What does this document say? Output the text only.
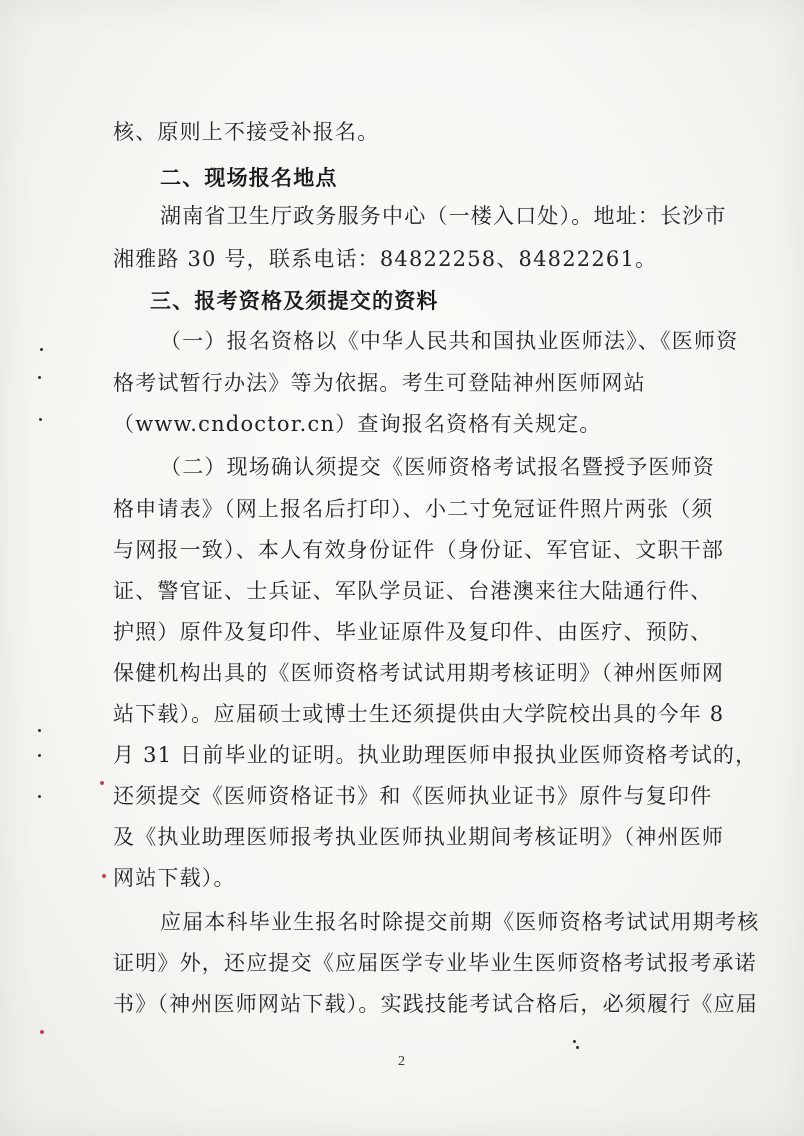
核、原则上不接受补报名。
二、现场报名地点
湖南省卫生厅政务服务中心（一楼入口处）。地址：长沙市
湘雅路 30 号，联系电话：84822258、84822261。
三、报考资格及须提交的资料
（一）报名资格以《中华人民共和国执业医师法》、《医师资
格考试暂行办法》等为依据。考生可登陆神州医师网站
（www.cndoctor.cn）查询报名资格有关规定。
（二）现场确认须提交《医师资格考试报名暨授予医师资
格申请表》（网上报名后打印）、小二寸免冠证件照片两张（须
与网报一致）、本人有效身份证件（身份证、军官证、文职干部
证、警官证、士兵证、军队学员证、台港澳来往大陆通行件、
护照）原件及复印件、毕业证原件及复印件、由医疗、预防、
保健机构出具的《医师资格考试试用期考核证明》（神州医师网
站下载）。应届硕士或博士生还须提供由大学院校出具的今年 8
月 31 日前毕业的证明。执业助理医师申报执业医师资格考试的，
还须提交《医师资格证书》和《医师执业证书》原件与复印件
及《执业助理医师报考执业医师执业期间考核证明》（神州医师
网站下载）。
应届本科毕业生报名时除提交前期《医师资格考试试用期考核
证明》外，还应提交《应届医学专业毕业生医师资格考试报考承诺
书》（神州医师网站下载）。实践技能考试合格后，必须履行《应届
2
